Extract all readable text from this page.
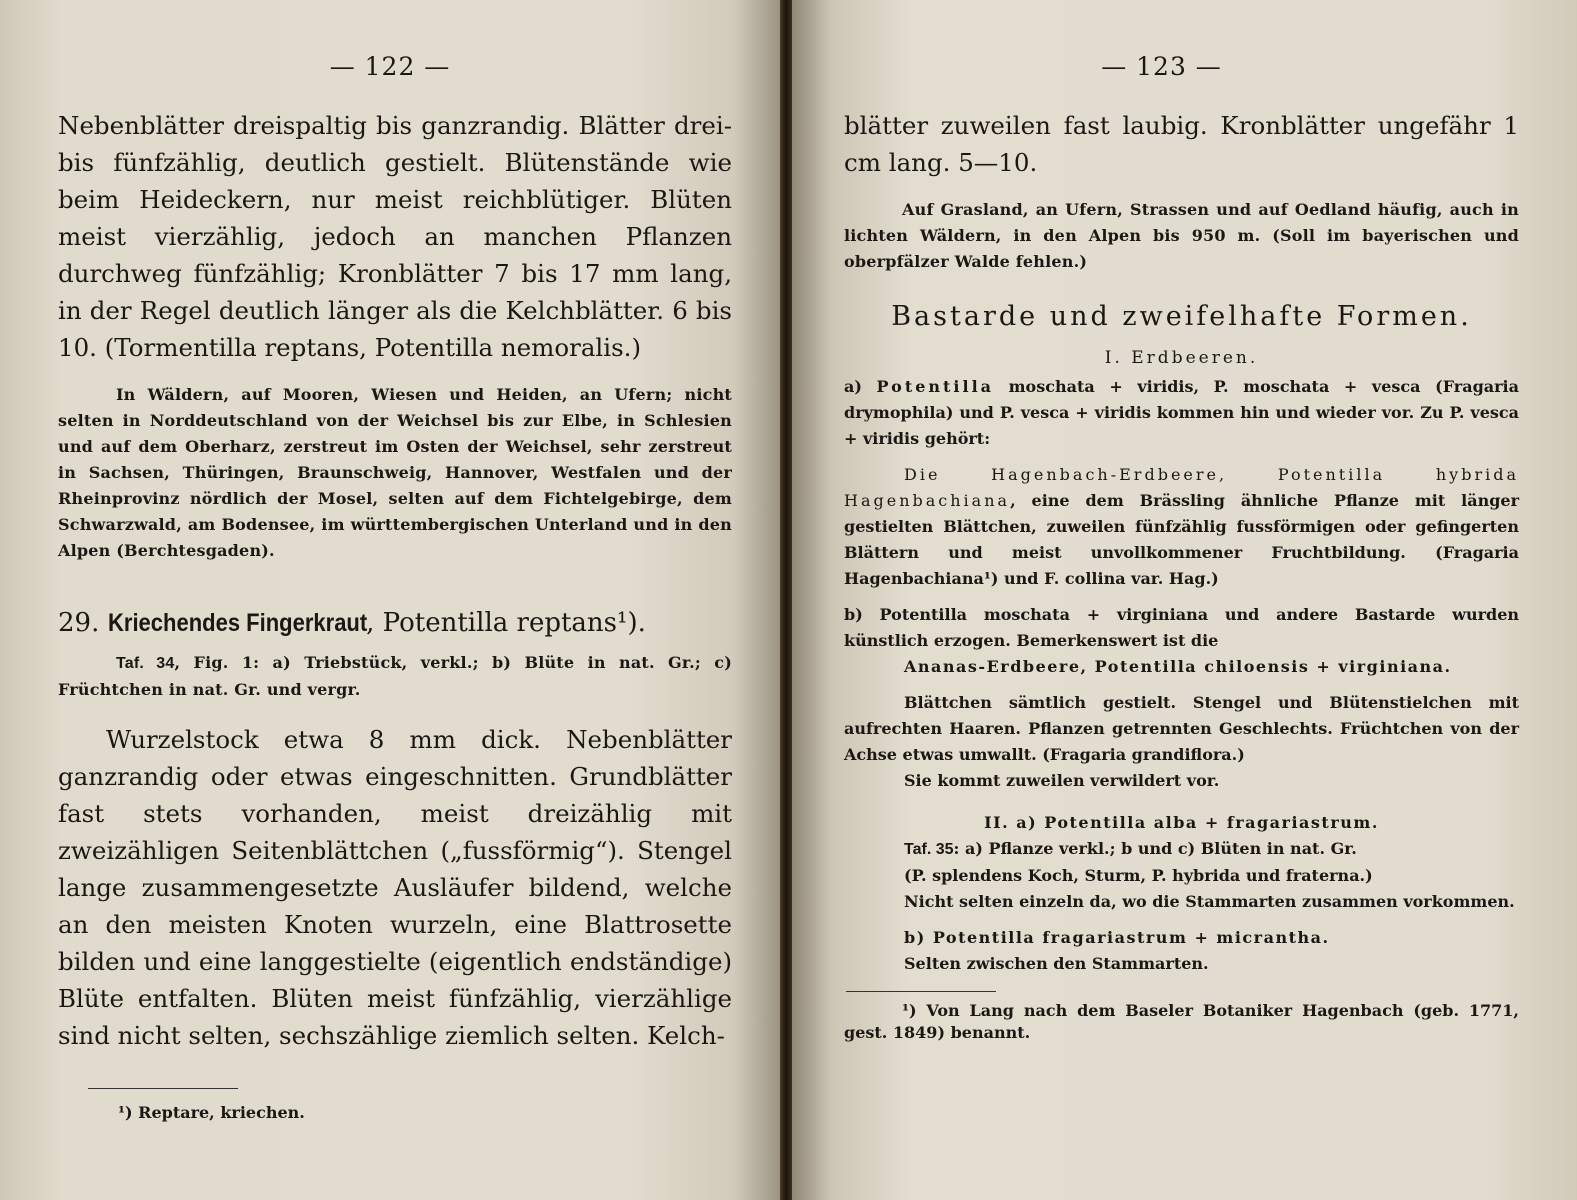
— 122 —

Nebenblätter dreispaltig bis ganzrandig. Blätter drei- bis fünfzählig, deutlich gestielt. Blütenstände wie beim Heideckern, nur meist reichblütiger. Blüten meist vierzählig, jedoch an manchen Pflanzen durchweg fünfzählig; Kronblätter 7 bis 17 mm lang, in der Regel deutlich länger als die Kelchblätter. 6 bis 10. (Tormentilla reptans, Potentilla nemoralis.)

In Wäldern, auf Mooren, Wiesen und Heiden, an Ufern; nicht selten in Norddeutschland von der Weichsel bis zur Elbe, in Schlesien und auf dem Oberharz, zerstreut im Osten der Weichsel, sehr zerstreut in Sachsen, Thüringen, Braunschweig, Hannover, Westfalen und der Rheinprovinz nördlich der Mosel, selten auf dem Fichtelgebirge, dem Schwarzwald, am Bodensee, im württembergischen Unterland und in den Alpen (Berchtesgaden).

29. Kriechendes Fingerkraut, Potentilla reptans¹).

Taf. 34, Fig. 1: a) Triebstück, verkl.; b) Blüte in nat. Gr.; c) Früchtchen in nat. Gr. und vergr.

Wurzelstock etwa 8 mm dick. Nebenblätter ganzrandig oder etwas eingeschnitten. Grundblätter fast stets vorhanden, meist dreizählig mit zweizähligen Seitenblättchen („fussförmig“). Stengel lange zusammengesetzte Ausläufer bildend, welche an den meisten Knoten wurzeln, eine Blattrosette bilden und eine langgestielte (eigentlich endständige) Blüte entfalten. Blüten meist fünfzählig, vierzählige sind nicht selten, sechszählige ziemlich selten. Kelch-

¹) Reptare, kriechen.

— 123 —

blätter zuweilen fast laubig. Kronblätter ungefähr 1 cm lang. 5—10.

Auf Grasland, an Ufern, Strassen und auf Oedland häufig, auch in lichten Wäldern, in den Alpen bis 950 m. (Soll im bayerischen und oberpfälzer Walde fehlen.)

Bastarde und zweifelhafte Formen.
I. Erdbeeren.

a) Potentilla moschata + viridis, P. moschata + vesca (Fragaria drymophila) und P. vesca + viridis kommen hin und wieder vor. Zu P. vesca + viridis gehört:

Die Hagenbach-Erdbeere, Potentilla hybrida Hagenbachiana, eine dem Brässling ähnliche Pflanze mit länger gestielten Blättchen, zuweilen fünfzählig fussförmigen oder gefingerten Blättern und meist unvollkommener Fruchtbildung. (Fragaria Hagenbachiana¹) und F. collina var. Hag.)

b) Potentilla moschata + virginiana und andere Bastarde wurden künstlich erzogen. Bemerkenswert ist die

Ananas-Erdbeere, Potentilla chiloensis + virginiana.

Blättchen sämtlich gestielt. Stengel und Blütenstielchen mit aufrechten Haaren. Pflanzen getrennten Geschlechts. Früchtchen von der Achse etwas umwallt. (Fragaria grandiflora.)

Sie kommt zuweilen verwildert vor.

II. a) Potentilla alba + fragariastrum.

Taf. 35: a) Pflanze verkl.; b und c) Blüten in nat. Gr.

(P. splendens Koch, Sturm, P. hybrida und fraterna.)

Nicht selten einzeln da, wo die Stammarten zusammen vorkommen.

b) Potentilla fragariastrum + micrantha.

Selten zwischen den Stammarten.

¹) Von Lang nach dem Baseler Botaniker Hagenbach (geb. 1771, gest. 1849) benannt.
